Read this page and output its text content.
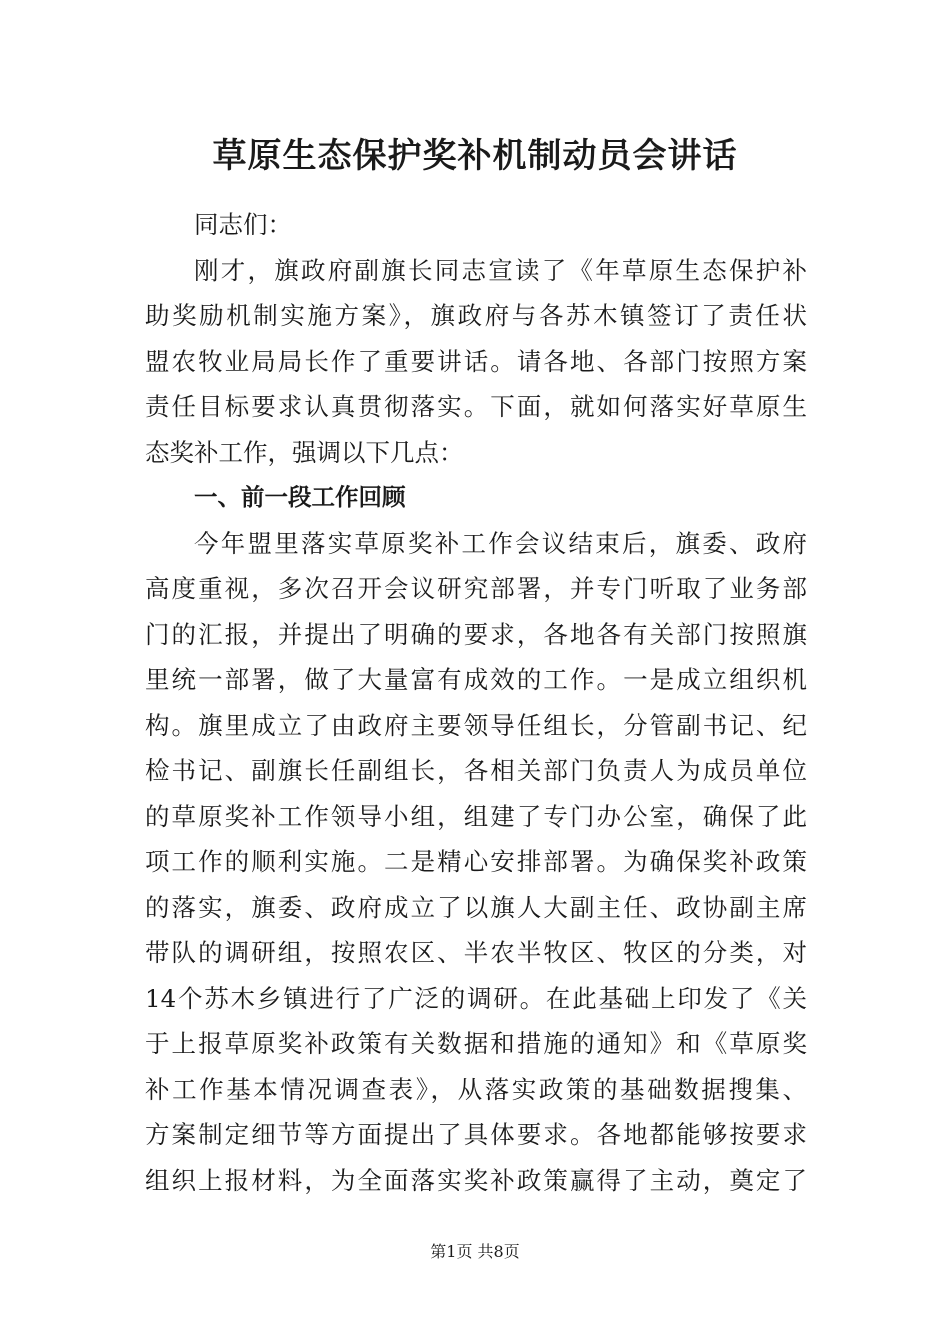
草原生态保护奖补机制动员会讲话
同志们：
刚才，旗政府副旗长同志宣读了《年草原生态保护补
助奖励机制实施方案》，旗政府与各苏木镇签订了责任状
盟农牧业局局长作了重要讲话。请各地、各部门按照方案
责任目标要求认真贯彻落实。下面，就如何落实好草原生
态奖补工作，强调以下几点：
一、前一段工作回顾
今年盟里落实草原奖补工作会议结束后，旗委、政府
高度重视，多次召开会议研究部署，并专门听取了业务部
门的汇报，并提出了明确的要求，各地各有关部门按照旗
里统一部署，做了大量富有成效的工作。一是成立组织机
构。旗里成立了由政府主要领导任组长，分管副书记、纪
检书记、副旗长任副组长，各相关部门负责人为成员单位
的草原奖补工作领导小组，组建了专门办公室，确保了此
项工作的顺利实施。二是精心安排部署。为确保奖补政策
的落实，旗委、政府成立了以旗人大副主任、政协副主席
带队的调研组，按照农区、半农半牧区、牧区的分类，对
14个苏木乡镇进行了广泛的调研。在此基础上印发了《关
于上报草原奖补政策有关数据和措施的通知》和《草原奖
补工作基本情况调查表》，从落实政策的基础数据搜集、
方案制定细节等方面提出了具体要求。各地都能够按要求
组织上报材料，为全面落实奖补政策赢得了主动，奠定了
第1页 共8页
